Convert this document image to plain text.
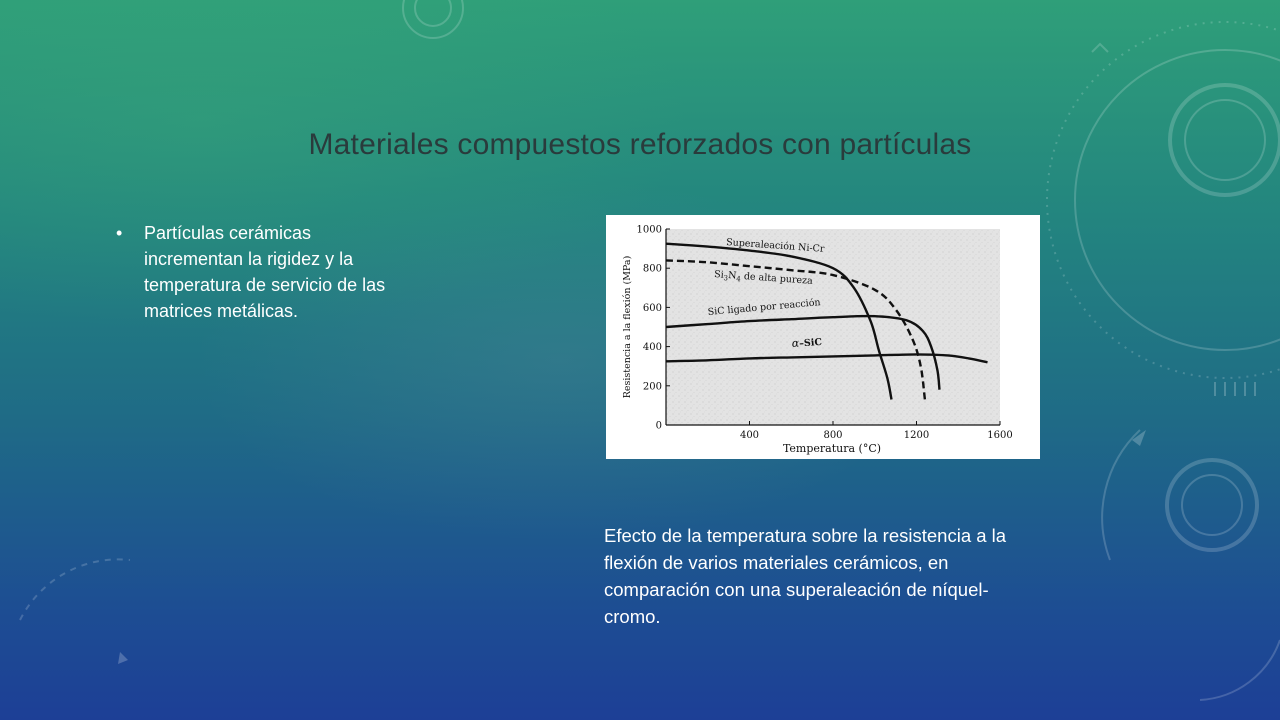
Materiales compuestos reforzados con partículas
• Partículas cerámicas incrementan la rigidez y la temperatura de servicio de las matrices metálicas.
0
200
400
600
800
1000
400	800	1200	1600
Superaleación Ni-Cr
$Si_3N_4$ de alta pureza
SiC ligado por reacción
α–SiC
Temperatura (°C)
Resistencia a la flexión (MPa)
Efecto de la temperatura sobre la resistencia a la flexión de varios materiales cerámicos, en comparación con una superaleación de níquel-cromo.
